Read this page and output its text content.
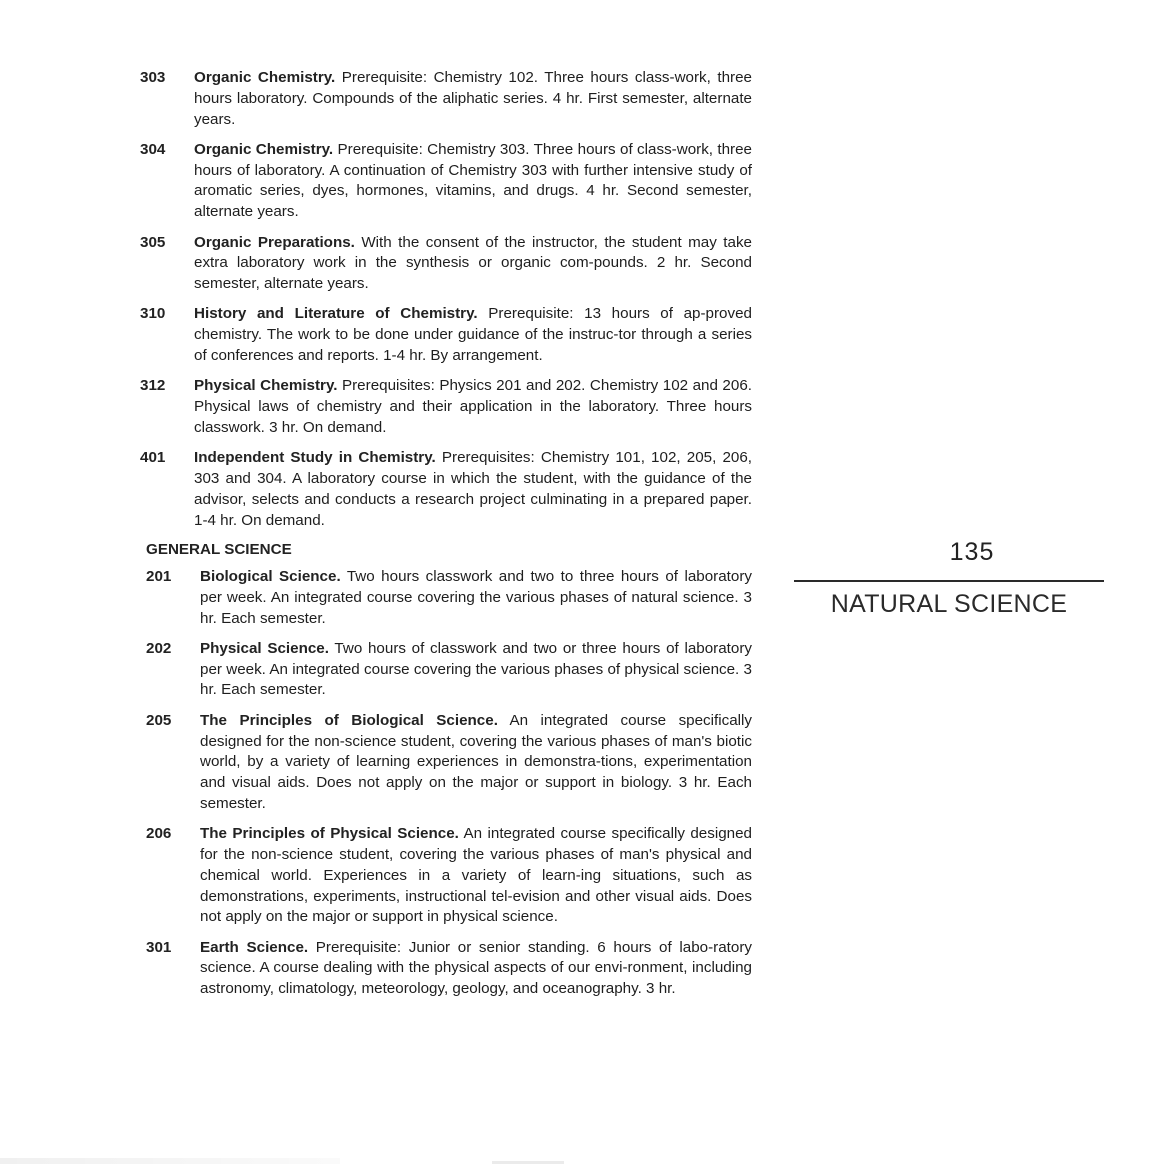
303	Organic Chemistry. Prerequisite: Chemistry 102. Three hours class-work, three hours laboratory. Compounds of the aliphatic series. 4 hr. First semester, alternate years.
304	Organic Chemistry. Prerequisite: Chemistry 303. Three hours of class-work, three hours of laboratory. A continuation of Chemistry 303 with further intensive study of aromatic series, dyes, hormones, vitamins, and drugs. 4 hr. Second semester, alternate years.
305	Organic Preparations. With the consent of the instructor, the student may take extra laboratory work in the synthesis or organic com-pounds. 2 hr. Second semester, alternate years.
310	History and Literature of Chemistry. Prerequisite: 13 hours of ap-proved chemistry. The work to be done under guidance of the instruc-tor through a series of conferences and reports. 1-4 hr. By arrangement.
312	Physical Chemistry. Prerequisites: Physics 201 and 202. Chemistry 102 and 206. Physical laws of chemistry and their application in the laboratory. Three hours classwork. 3 hr. On demand.
401	Independent Study in Chemistry. Prerequisites: Chemistry 101, 102, 205, 206, 303 and 304. A laboratory course in which the student, with the guidance of the advisor, selects and conducts a research project culminating in a prepared paper. 1-4 hr. On demand.
GENERAL SCIENCE
201	Biological Science. Two hours classwork and two to three hours of laboratory per week. An integrated course covering the various phases of natural science. 3 hr. Each semester.
202	Physical Science. Two hours of classwork and two or three hours of laboratory per week. An integrated course covering the various phases of physical science. 3 hr. Each semester.
205	The Principles of Biological Science. An integrated course specifically designed for the non-science student, covering the various phases of man's biotic world, by a variety of learning experiences in demonstra-tions, experimentation and visual aids. Does not apply on the major or support in biology. 3 hr. Each semester.
206	The Principles of Physical Science. An integrated course specifically designed for the non-science student, covering the various phases of man's physical and chemical world. Experiences in a variety of learn-ing situations, such as demonstrations, experiments, instructional tel-evision and other visual aids. Does not apply on the major or support in physical science.
301	Earth Science. Prerequisite: Junior or senior standing. 6 hours of labo-ratory science. A course dealing with the physical aspects of our envi-ronment, including astronomy, climatology, meteorology, geology, and oceanography. 3 hr.
135
NATURAL SCIENCE
